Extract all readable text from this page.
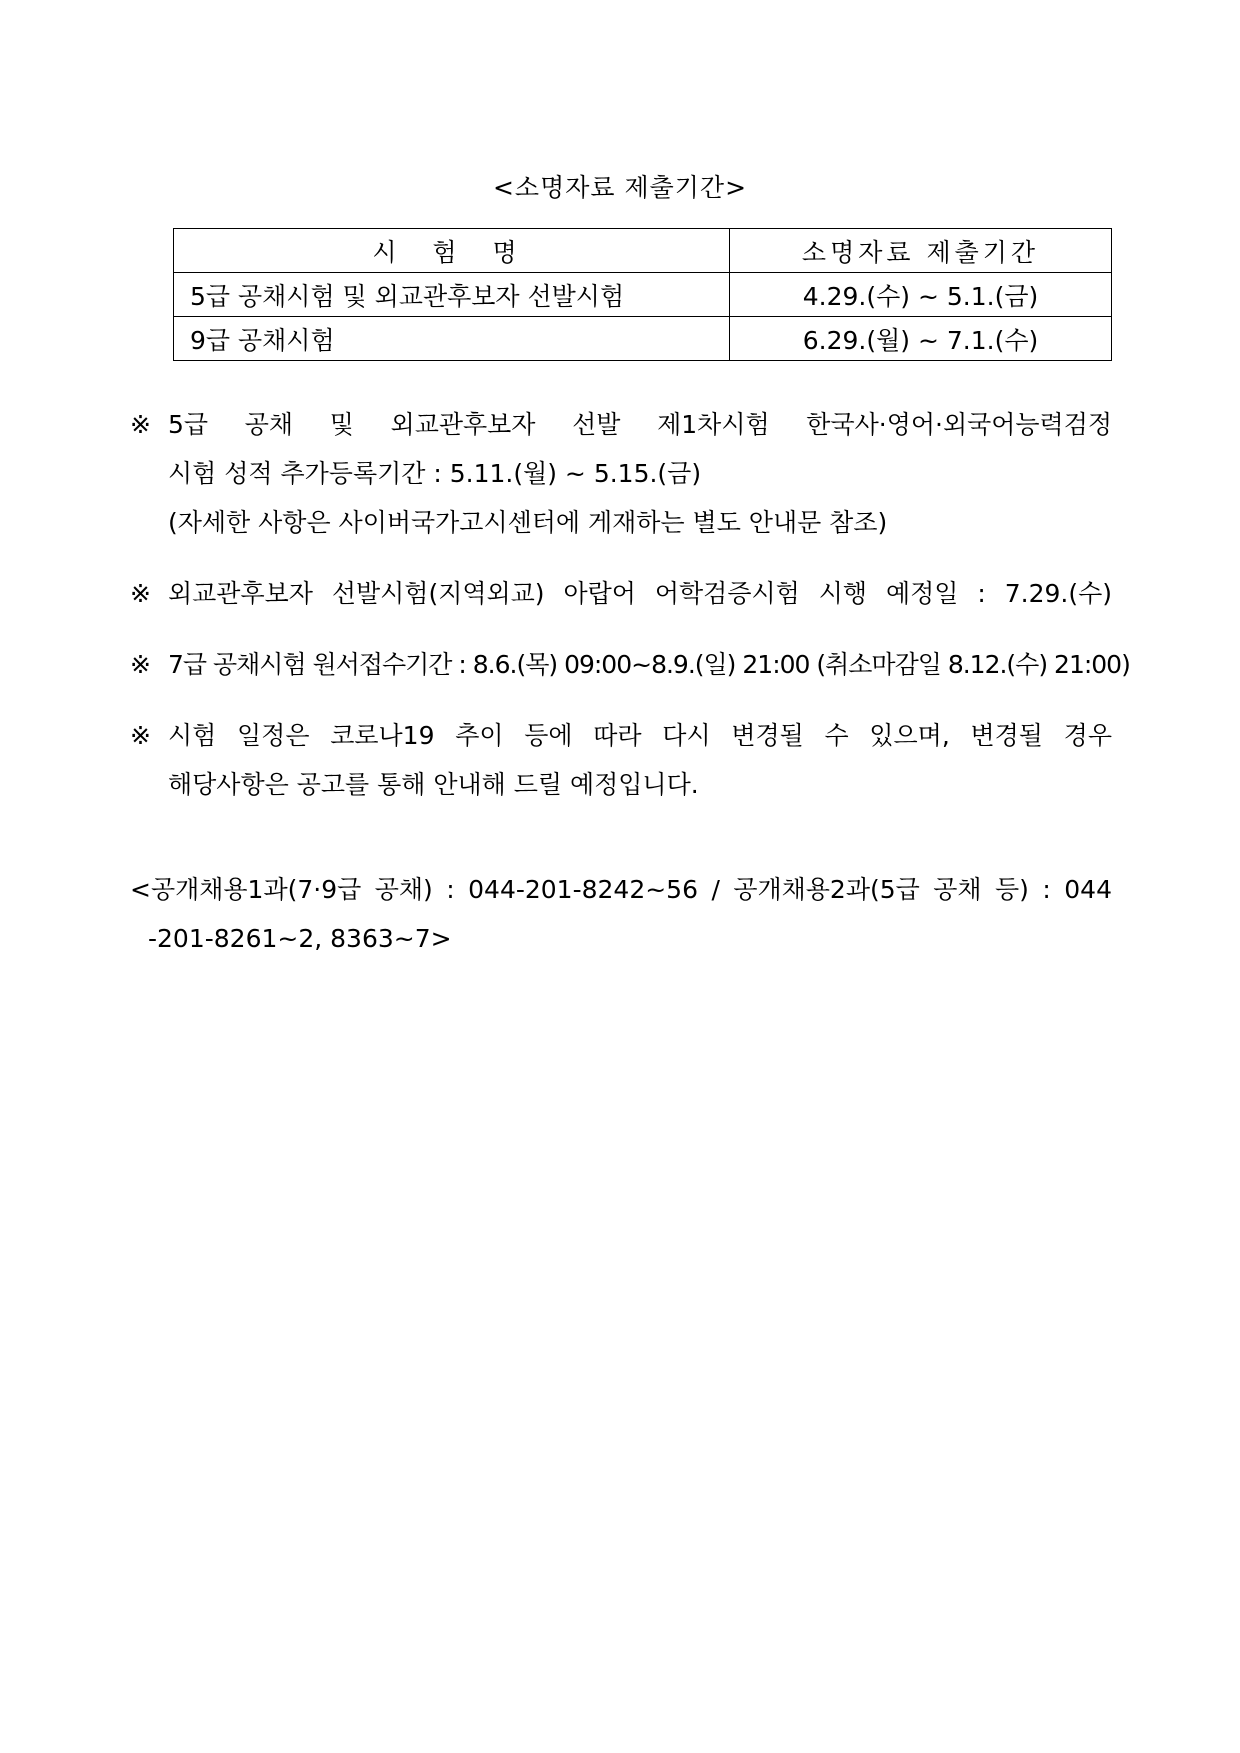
<소명자료 제출기간>
시 험 명	소명자료 제출기간
5급 공채시험 및 외교관후보자 선발시험	4.29.(수) ~ 5.1.(금)
9급 공채시험	6.29.(월) ~ 7.1.(수)
※ 5급 공채 및 외교관후보자 선발 제1차시험 한국사·영어·외국어능력검정
시험 성적 추가등록기간 : 5.11.(월) ~ 5.15.(금)
(자세한 사항은 사이버국가고시센터에 게재하는 별도 안내문 참조)
※ 외교관후보자 선발시험(지역외교) 아랍어 어학검증시험 시행 예정일 : 7.29.(수)
※ 7급 공채시험 원서접수기간 : 8.6.(목) 09:00~8.9.(일) 21:00 (취소마감일 8.12.(수) 21:00)
※ 시험 일정은 코로나19 추이 등에 따라 다시 변경될 수 있으며, 변경될 경우
해당사항은 공고를 통해 안내해 드릴 예정입니다.
<공개채용1과(7·9급 공채) : 044-201-8242~56 / 공개채용2과(5급 공채 등) : 044
-201-8261~2, 8363~7>
